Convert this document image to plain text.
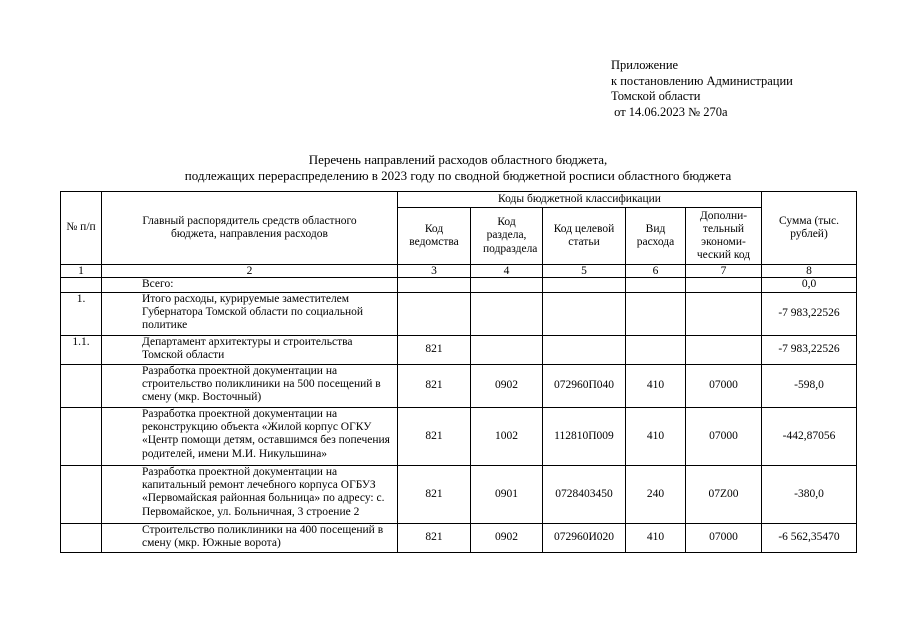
Приложение
к постановлению Администрации
Томской области
от 14.06.2023 № 270а
Перечень направлений расходов областного бюджета,
подлежащих перераспределению в 2023 году по сводной бюджетной росписи областного бюджета
№ п/п	Главный распорядитель средств областного бюджета, направления расходов	Коды бюджетной классификации					Сумма (тыс. рублей)
		Код ведомства	Код раздела, подраздела	Код целевой статьи	Вид расхода	Дополни-тельный экономи-ческий код	
1	2	3	4	5	6	7	8
	Всего:						0,0
1.	Итого расходы, курируемые заместителем Губернатора Томской области по социальной политике						-7 983,22526
1.1.	Департамент архитектуры и строительства Томской области	821					-7 983,22526
	Разработка проектной документации на строительство поликлиники на 500 посещений в смену (мкр. Восточный)	821	0902	072960П040	410	07000	-598,0
	Разработка проектной документации на реконструкцию объекта «Жилой корпус ОГКУ «Центр помощи детям, оставшимся без попечения родителей, имени М.И. Никульшина»	821	1002	112810П009	410	07000	-442,87056
	Разработка проектной документации на капитальный ремонт лечебного корпуса ОГБУЗ «Первомайская районная больница» по адресу: с. Первомайское, ул. Больничная, 3 строение 2	821	0901	0728403450	240	07Z00	-380,0
	Строительство поликлиники на 400 посещений в смену (мкр. Южные ворота)	821	0902	072960И020	410	07000	-6 562,35470
